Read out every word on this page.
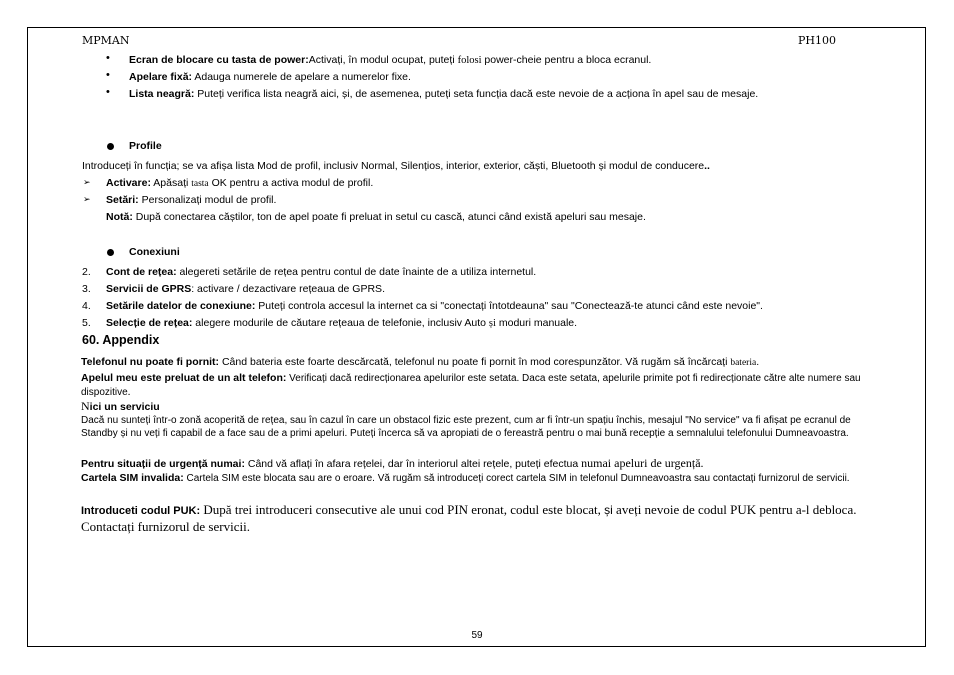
MPMAN	PH100
• Ecran de blocare cu tasta de power:Activați, în modul ocupat, puteți folosi power-cheie pentru a bloca ecranul.
• Apelare fixă: Adauga numerele de apelare a numerelor fixe.
• Lista neagră: Puteți verifica lista neagră aici, și, de asemenea, puteți seta funcția dacă este nevoie de a acționa în apel sau de mesaje.
Profile
Introduceți în funcția; se va afișa lista Mod de profil, inclusiv Normal, Silențios, interior, exterior, căști, Bluetooth și modul de conducere..
➢ Activare: Apăsați tasta OK pentru a activa modul de profil.
➢ Setări: Personalizați modul de profil.
Notă: După conectarea căștilor, ton de apel poate fi preluat in setul cu cască, atunci când există apeluri sau mesaje.
Conexiuni
2. Cont de rețea: alegereti setările de rețea pentru contul de date înainte de a utiliza internetul.
3. Servicii de GPRS: activare / dezactivare rețeaua de GPRS.
4. Setările datelor de conexiune: Puteți controla accesul la internet ca si "conectați întotdeauna" sau "Conectează-te atunci când este nevoie".
5. Selecție de rețea: alegere modurile de căutare rețeaua de telefonie, inclusiv Auto și moduri manuale.
60. Appendix
Telefonul nu poate fi pornit: Când bateria este foarte descărcată, telefonul nu poate fi pornit în mod corespunzător. Vă rugăm să încărcați bateria.
Apelul meu este preluat de un alt telefon: Verificați dacă redirecționarea apelurilor este setata. Daca este setata, apelurile primite pot fi redirecționate către alte numere sau dispozitive.
Nici un serviciu
Dacă nu sunteți într-o zonă acoperită de rețea, sau în cazul în care un obstacol fizic este prezent, cum ar fi într-un spațiu închis, mesajul "No service" va fi afișat pe ecranul de Standby și nu veți fi capabil de a face sau de a primi apeluri. Puteți încerca să va apropiati de o fereastră pentru o mai bună recepție a semnalului telefonului Dumneavoastra.
Pentru situații de urgență numai: Când vă aflați în afara rețelei, dar în interiorul altei rețele, puteți efectua numai apeluri de urgență.
Cartela SIM invalida: Cartela SIM este blocata sau are o eroare. Vă rugăm să introduceți corect cartela SIM in telefonul Dumneavoastra sau contactați furnizorul de servicii.
Introduceti codul PUK: După trei introduceri consecutive ale unui cod PIN eronat, codul este blocat, și aveți nevoie de codul PUK pentru a-l debloca. Contactați furnizorul de servicii.
59
